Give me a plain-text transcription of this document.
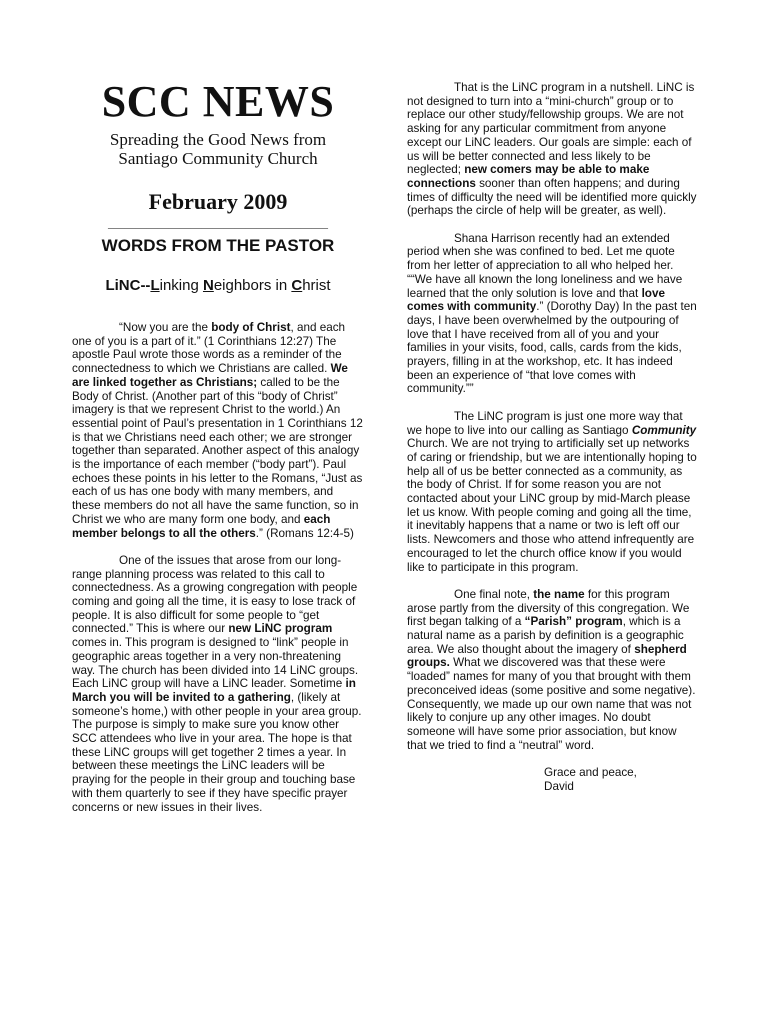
SCC NEWS
Spreading the Good News from
Santiago Community Church
February 2009
________________________________________
WORDS FROM THE PASTOR
LiNC--Linking Neighbors in Christ

“Now you are the body of Christ, and each one of you is a part of it.” (1 Corinthians 12:27) The apostle Paul wrote those words as a reminder of the connectedness to which we Christians are called. We are linked together as Christians; called to be the Body of Christ. (Another part of this “body of Christ” imagery is that we represent Christ to the world.) An essential point of Paul’s presentation in 1 Corinthians 12 is that we Christians need each other; we are stronger together than separated. Another aspect of this analogy is the importance of each member (“body part”). Paul echoes these points in his letter to the Romans, “Just as each of us has one body with many members, and these members do not all have the same function, so in Christ we who are many form one body, and each member belongs to all the others.” (Romans 12:4-5)

One of the issues that arose from our long-range planning process was related to this call to connectedness. As a growing congregation with people coming and going all the time, it is easy to lose track of people. It is also difficult for some people to “get connected.” This is where our new LiNC program comes in. This program is designed to “link” people in geographic areas together in a very non-threatening way. The church has been divided into 14 LiNC groups. Each LiNC group will have a LiNC leader. Sometime in March you will be invited to a gathering, (likely at someone’s home,) with other people in your area group. The purpose is simply to make sure you know other SCC attendees who live in your area. The hope is that these LiNC groups will get together 2 times a year. In between these meetings the LiNC leaders will be praying for the people in their group and touching base with them quarterly to see if they have specific prayer concerns or new issues in their lives.

That is the LiNC program in a nutshell. LiNC is not designed to turn into a “mini-church” group or to replace our other study/fellowship groups. We are not asking for any particular commitment from anyone except our LiNC leaders. Our goals are simple: each of us will be better connected and less likely to be neglected; new comers may be able to make connections sooner than often happens; and during times of difficulty the need will be identified more quickly (perhaps the circle of help will be greater, as well).

Shana Harrison recently had an extended period when she was confined to bed. Let me quote from her letter of appreciation to all who helped her. ““We have all known the long loneliness and we have learned that the only solution is love and that love comes with community.” (Dorothy Day) In the past ten days, I have been overwhelmed by the outpouring of love that I have received from all of you and your families in your visits, food, calls, cards from the kids, prayers, filling in at the workshop, etc. It has indeed been an experience of “that love comes with community.””

The LiNC program is just one more way that we hope to live into our calling as Santiago Community Church. We are not trying to artificially set up networks of caring or friendship, but we are intentionally hoping to help all of us be better connected as a community, as the body of Christ. If for some reason you are not contacted about your LiNC group by mid-March please let us know. With people coming and going all the time, it inevitably happens that a name or two is left off our lists. Newcomers and those who attend infrequently are encouraged to let the church office know if you would like to participate in this program.

One final note, the name for this program arose partly from the diversity of this congregation. We first began talking of a “Parish” program, which is a natural name as a parish by definition is a geographic area. We also thought about the imagery of shepherd groups. What we discovered was that these were “loaded” names for many of you that brought with them preconceived ideas (some positive and some negative). Consequently, we made up our own name that was not likely to conjure up any other images. No doubt someone will have some prior association, but know that we tried to find a “neutral” word.

Grace and peace,
David
